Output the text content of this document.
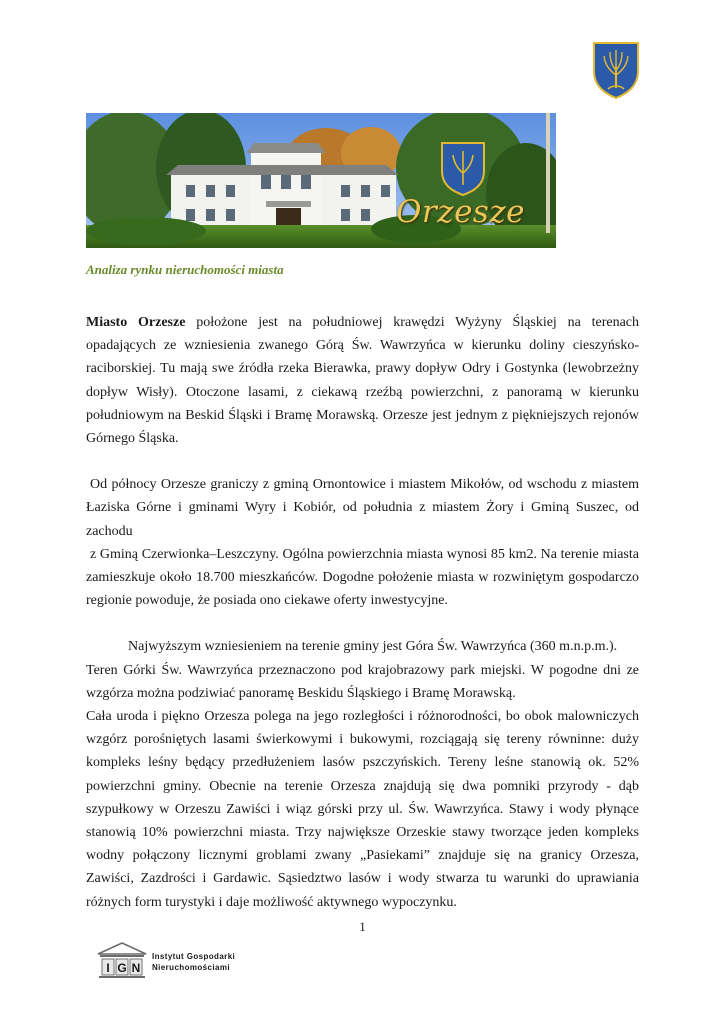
Orzesze
Analiza rynku nieruchomości miasta

Miasto Orzesze położone jest na południowej krawędzi Wyżyny Śląskiej na terenach opadających ze wzniesienia zwanego Górą Św. Wawrzyńca w kierunku doliny cieszyńsko-raciborskiej. Tu mają swe źródła rzeka Bierawka, prawy dopływ Odry i Gostynka (lewobrzeżny dopływ Wisły). Otoczone lasami, z ciekawą rzeźbą powierzchni, z panoramą w kierunku południowym na Beskid Śląski i Bramę Morawską. Orzesze jest jednym z piękniejszych rejonów Górnego Śląska.

Od północy Orzesze graniczy z gminą Ornontowice i miastem Mikołów, od wschodu z miastem Łaziska Górne i gminami Wyry i Kobiór, od południa z miastem Żory i Gminą Suszec, od zachodu

z Gminą Czerwionka–Leszczyny. Ogólna powierzchnia miasta wynosi 85 km2. Na terenie miasta zamieszkuje około 18.700 mieszkańców. Dogodne położenie miasta w rozwiniętym gospodarczo regionie powoduje, że posiada ono ciekawe oferty inwestycyjne.

Najwyższym wzniesieniem na terenie gminy jest Góra Św. Wawrzyńca (360 m.n.p.m.).

Teren Górki Św. Wawrzyńca przeznaczono pod krajobrazowy park miejski. W pogodne dni ze wzgórza można podziwiać panoramę Beskidu Śląskiego i Bramę Morawską.

Cała uroda i piękno Orzesza polega na jego rozległości i różnorodności, bo obok malowniczych wzgórz porośniętych lasami świerkowymi i bukowymi, rozciągają się tereny równinne: duży kompleks leśny będący przedłużeniem lasów pszczyńskich. Tereny leśne stanowią ok. 52% powierzchni gminy. Obecnie na terenie Orzesza znajdują się dwa pomniki przyrody - dąb szypułkowy w Orzeszu Zawiści i wiąz górski przy ul. Św. Wawrzyńca. Stawy i wody płynące stanowią 10% powierzchni miasta. Trzy największe Orzeskie stawy tworzące jeden kompleks wodny połączony licznymi groblami zwany „Pasiekami” znajduje się na granicy Orzesza, Zawiści, Zazdrości i Gardawic. Sąsiedztwo lasów i wody stwarza tu warunki do uprawiania różnych form turystyki i daje możliwość aktywnego wypoczynku.

1
I G N
Instytut Gospodarki
Nieruchomościami
